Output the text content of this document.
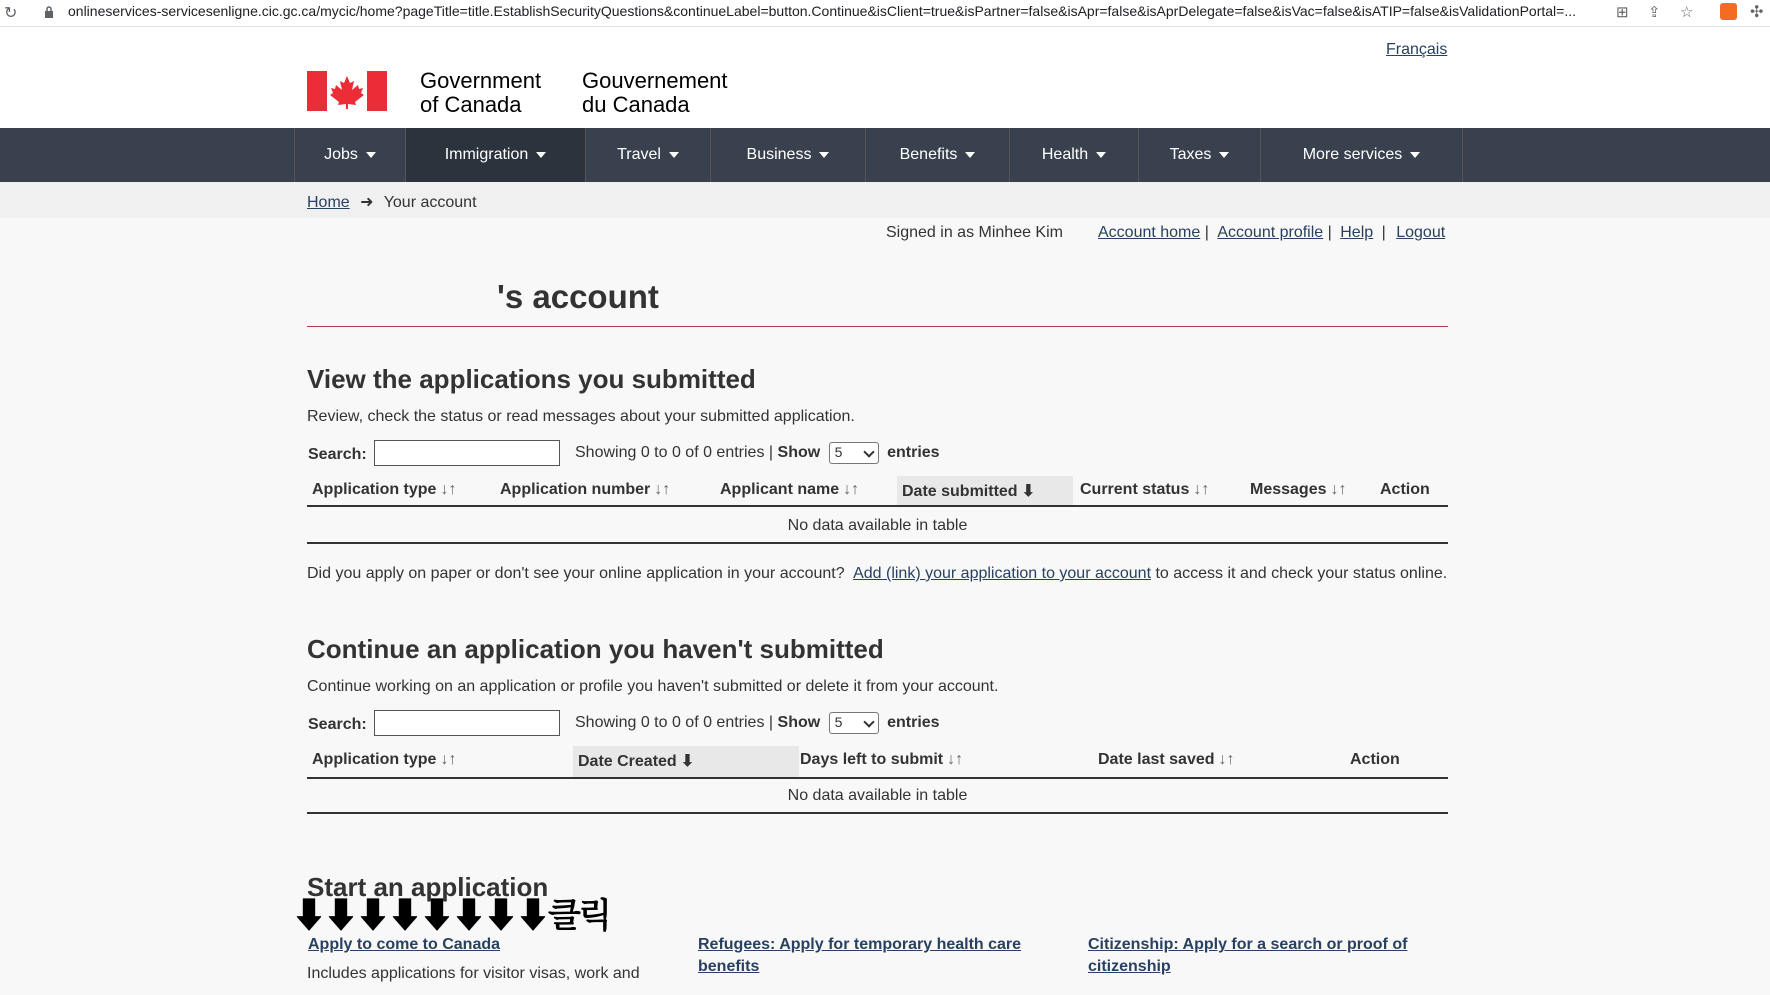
↻	onlineservices-servicesenligne.cic.gc.ca/mycic/home?pageTitle=title.EstablishSecurityQuestions&continueLabel=button.Continue&isClient=true&isPartner=false&isApr=false&isAprDelegate=false&isVac=false&isATIP=false&isValidationPortal=...	⊞ ⇪ ☆	✣
Français
Government
of Canada
Gouvernement
du Canada
Jobs	Immigration	Travel	Business	Benefits	Health	Taxes	More services
Home ➜ Your account
Signed in as Minhee Kim Account home | Account profile | Help | Logout
's account
View the applications you submitted
Review, check the status or read messages about your submitted application.
Search:	Showing 0 to 0 of 0 entries | Show 5	entries
Application type ↓↑	Application number ↓↑	Applicant name ↓↑	Date submitted ⬇	Current status ↓↑	Messages ↓↑ Action
No data available in table
Did you apply on paper or don't see your online application in your account? Add (link) your application to your account to access it and check your status online.
Continue an application you haven't submitted
Continue working on an application or profile you haven't submitted or delete it from your account.
Search:	Showing 0 to 0 of 0 entries | Show 5	entries
Application type ↓↑	Date Created ⬇	Days left to submit ↓↑	Date last saved ↓↑	Action
No data available in table
Start an application
⬇⬇⬇⬇⬇⬇⬇⬇클릭
Apply to come to Canada
Includes applications for visitor visas, work and
Refugees: Apply for temporary health care
benefits
Citizenship: Apply for a search or proof of
citizenship
